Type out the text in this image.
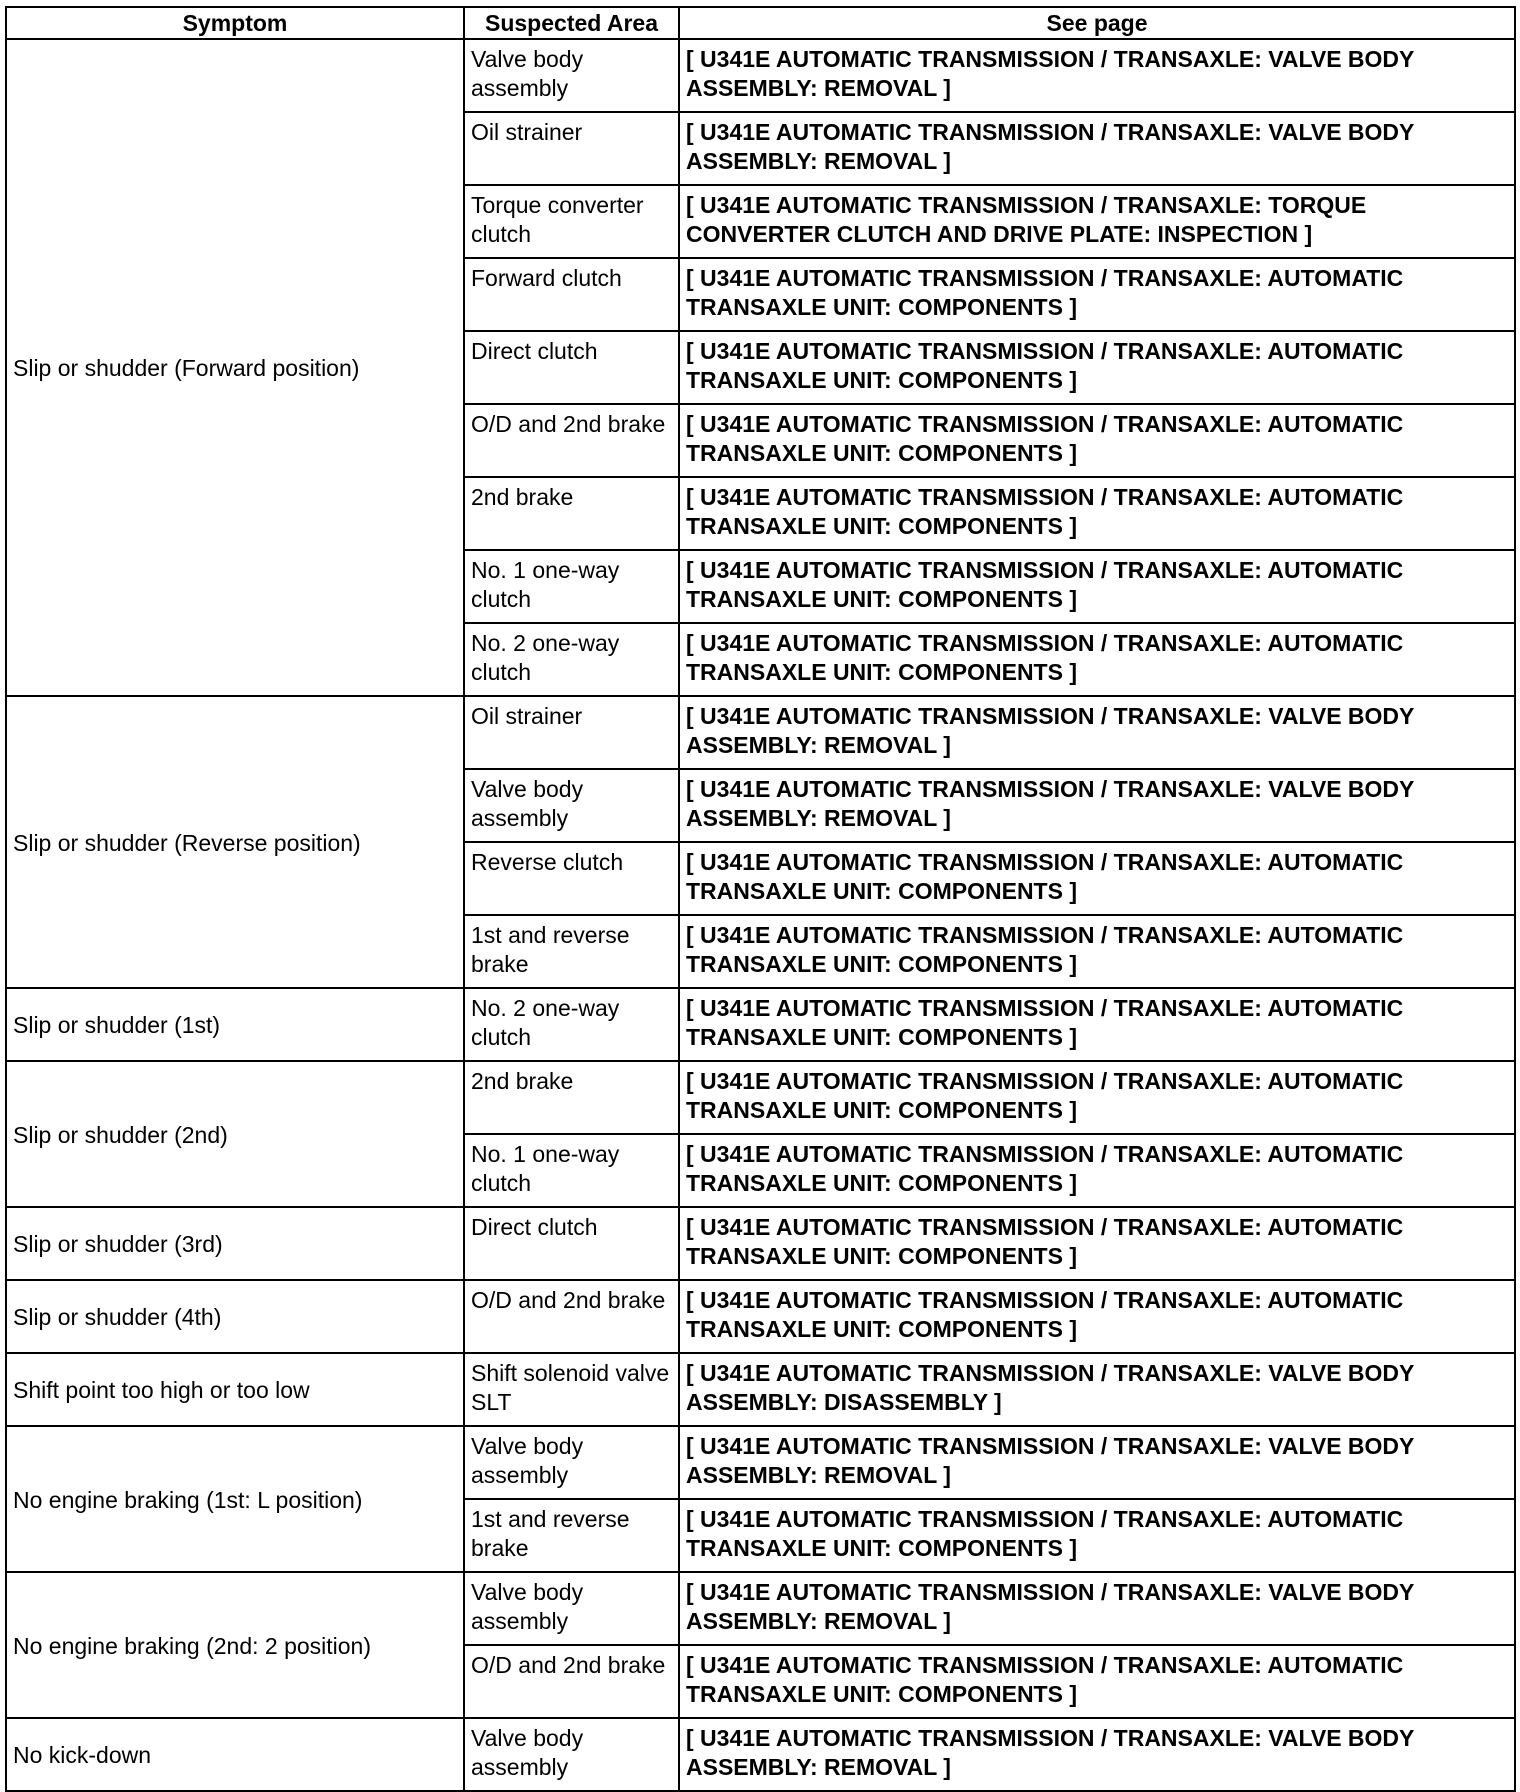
Symptom	Suspected Area	See page
Slip or shudder (Forward position)	Valve body assembly	[ U341E AUTOMATIC TRANSMISSION / TRANSAXLE: VALVE BODY ASSEMBLY: REMOVAL ]
	Oil strainer	[ U341E AUTOMATIC TRANSMISSION / TRANSAXLE: VALVE BODY ASSEMBLY: REMOVAL ]
	Torque converter clutch	[ U341E AUTOMATIC TRANSMISSION / TRANSAXLE: TORQUE CONVERTER CLUTCH AND DRIVE PLATE: INSPECTION ]
	Forward clutch	[ U341E AUTOMATIC TRANSMISSION / TRANSAXLE: AUTOMATIC TRANSAXLE UNIT: COMPONENTS ]
	Direct clutch	[ U341E AUTOMATIC TRANSMISSION / TRANSAXLE: AUTOMATIC TRANSAXLE UNIT: COMPONENTS ]
	O/D and 2nd brake	[ U341E AUTOMATIC TRANSMISSION / TRANSAXLE: AUTOMATIC TRANSAXLE UNIT: COMPONENTS ]
	2nd brake	[ U341E AUTOMATIC TRANSMISSION / TRANSAXLE: AUTOMATIC TRANSAXLE UNIT: COMPONENTS ]
	No. 1 one-way clutch	[ U341E AUTOMATIC TRANSMISSION / TRANSAXLE: AUTOMATIC TRANSAXLE UNIT: COMPONENTS ]
	No. 2 one-way clutch	[ U341E AUTOMATIC TRANSMISSION / TRANSAXLE: AUTOMATIC TRANSAXLE UNIT: COMPONENTS ]
Slip or shudder (Reverse position)	Oil strainer	[ U341E AUTOMATIC TRANSMISSION / TRANSAXLE: VALVE BODY ASSEMBLY: REMOVAL ]
	Valve body assembly	[ U341E AUTOMATIC TRANSMISSION / TRANSAXLE: VALVE BODY ASSEMBLY: REMOVAL ]
	Reverse clutch	[ U341E AUTOMATIC TRANSMISSION / TRANSAXLE: AUTOMATIC TRANSAXLE UNIT: COMPONENTS ]
	1st and reverse brake	[ U341E AUTOMATIC TRANSMISSION / TRANSAXLE: AUTOMATIC TRANSAXLE UNIT: COMPONENTS ]
Slip or shudder (1st)	No. 2 one-way clutch	[ U341E AUTOMATIC TRANSMISSION / TRANSAXLE: AUTOMATIC TRANSAXLE UNIT: COMPONENTS ]
Slip or shudder (2nd)	2nd brake	[ U341E AUTOMATIC TRANSMISSION / TRANSAXLE: AUTOMATIC TRANSAXLE UNIT: COMPONENTS ]
	No. 1 one-way clutch	[ U341E AUTOMATIC TRANSMISSION / TRANSAXLE: AUTOMATIC TRANSAXLE UNIT: COMPONENTS ]
Slip or shudder (3rd)	Direct clutch	[ U341E AUTOMATIC TRANSMISSION / TRANSAXLE: AUTOMATIC TRANSAXLE UNIT: COMPONENTS ]
Slip or shudder (4th)	O/D and 2nd brake	[ U341E AUTOMATIC TRANSMISSION / TRANSAXLE: AUTOMATIC TRANSAXLE UNIT: COMPONENTS ]
Shift point too high or too low	Shift solenoid valve SLT	[ U341E AUTOMATIC TRANSMISSION / TRANSAXLE: VALVE BODY ASSEMBLY: DISASSEMBLY ]
No engine braking (1st: L position)	Valve body assembly	[ U341E AUTOMATIC TRANSMISSION / TRANSAXLE: VALVE BODY ASSEMBLY: REMOVAL ]
	1st and reverse brake	[ U341E AUTOMATIC TRANSMISSION / TRANSAXLE: AUTOMATIC TRANSAXLE UNIT: COMPONENTS ]
No engine braking (2nd: 2 position)	Valve body assembly	[ U341E AUTOMATIC TRANSMISSION / TRANSAXLE: VALVE BODY ASSEMBLY: REMOVAL ]
	O/D and 2nd brake	[ U341E AUTOMATIC TRANSMISSION / TRANSAXLE: AUTOMATIC TRANSAXLE UNIT: COMPONENTS ]
No kick-down	Valve body assembly	[ U341E AUTOMATIC TRANSMISSION / TRANSAXLE: VALVE BODY ASSEMBLY: REMOVAL ]
